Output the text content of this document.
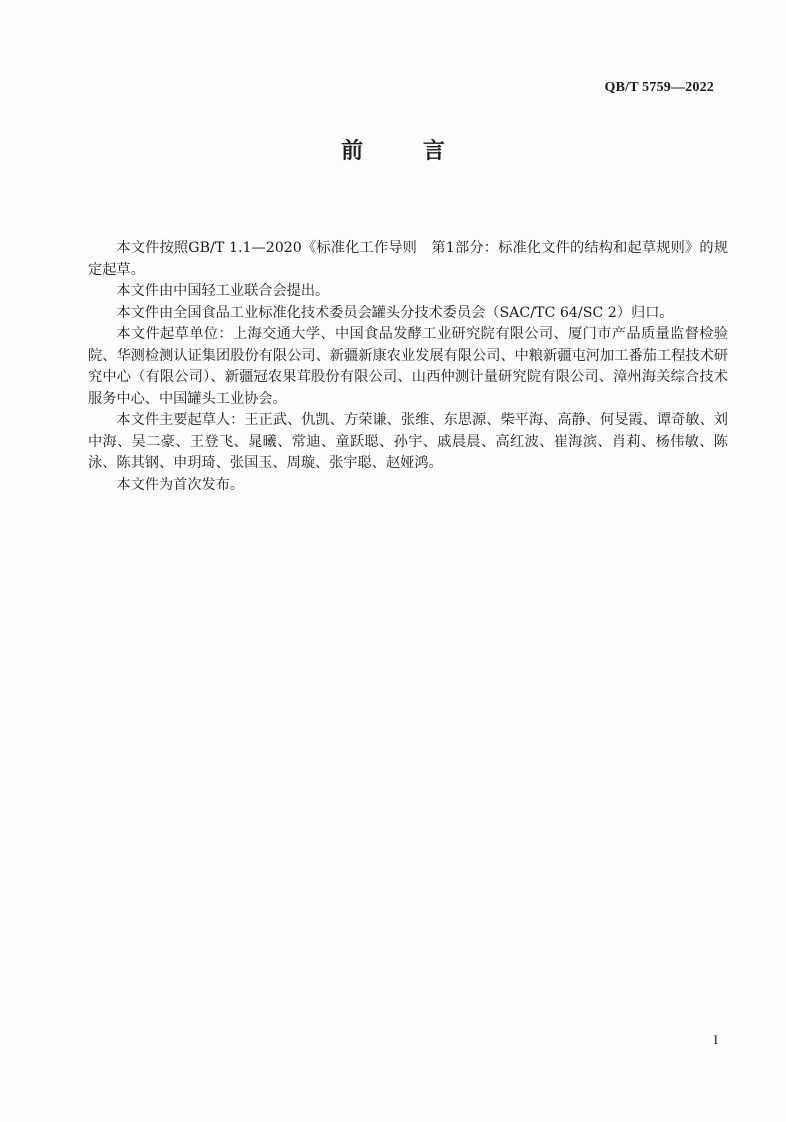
QB/T 5759—2022
前 言

本文件按照GB/T 1.1—2020《标准化工作导则　第1部分：标准化文件的结构和起草规则》的规定起草。

本文件由中国轻工业联合会提出。

本文件由全国食品工业标准化技术委员会罐头分技术委员会（SAC/TC 64/SC 2）归口。

本文件起草单位：上海交通大学、中国食品发酵工业研究院有限公司、厦门市产品质量监督检验院、华测检测认证集团股份有限公司、新疆新康农业发展有限公司、中粮新疆屯河加工番茄工程技术研究中心（有限公司）、新疆冠农果茸股份有限公司、山西仲测计量研究院有限公司、漳州海关综合技术服务中心、中国罐头工业协会。

本文件主要起草人：王正武、仇凯、方荣谦、张维、东思源、柴平海、高静、何旻霞、谭奇敏、刘中海、吴二豪、王登飞、晁曦、常迪、童跃聪、孙宇、戚晨晨、高红波、崔海滨、肖莉、杨伟敏、陈泳、陈其钢、申玥琦、张国玉、周璇、张宇聪、赵娅鸿。

本文件为首次发布。

I
